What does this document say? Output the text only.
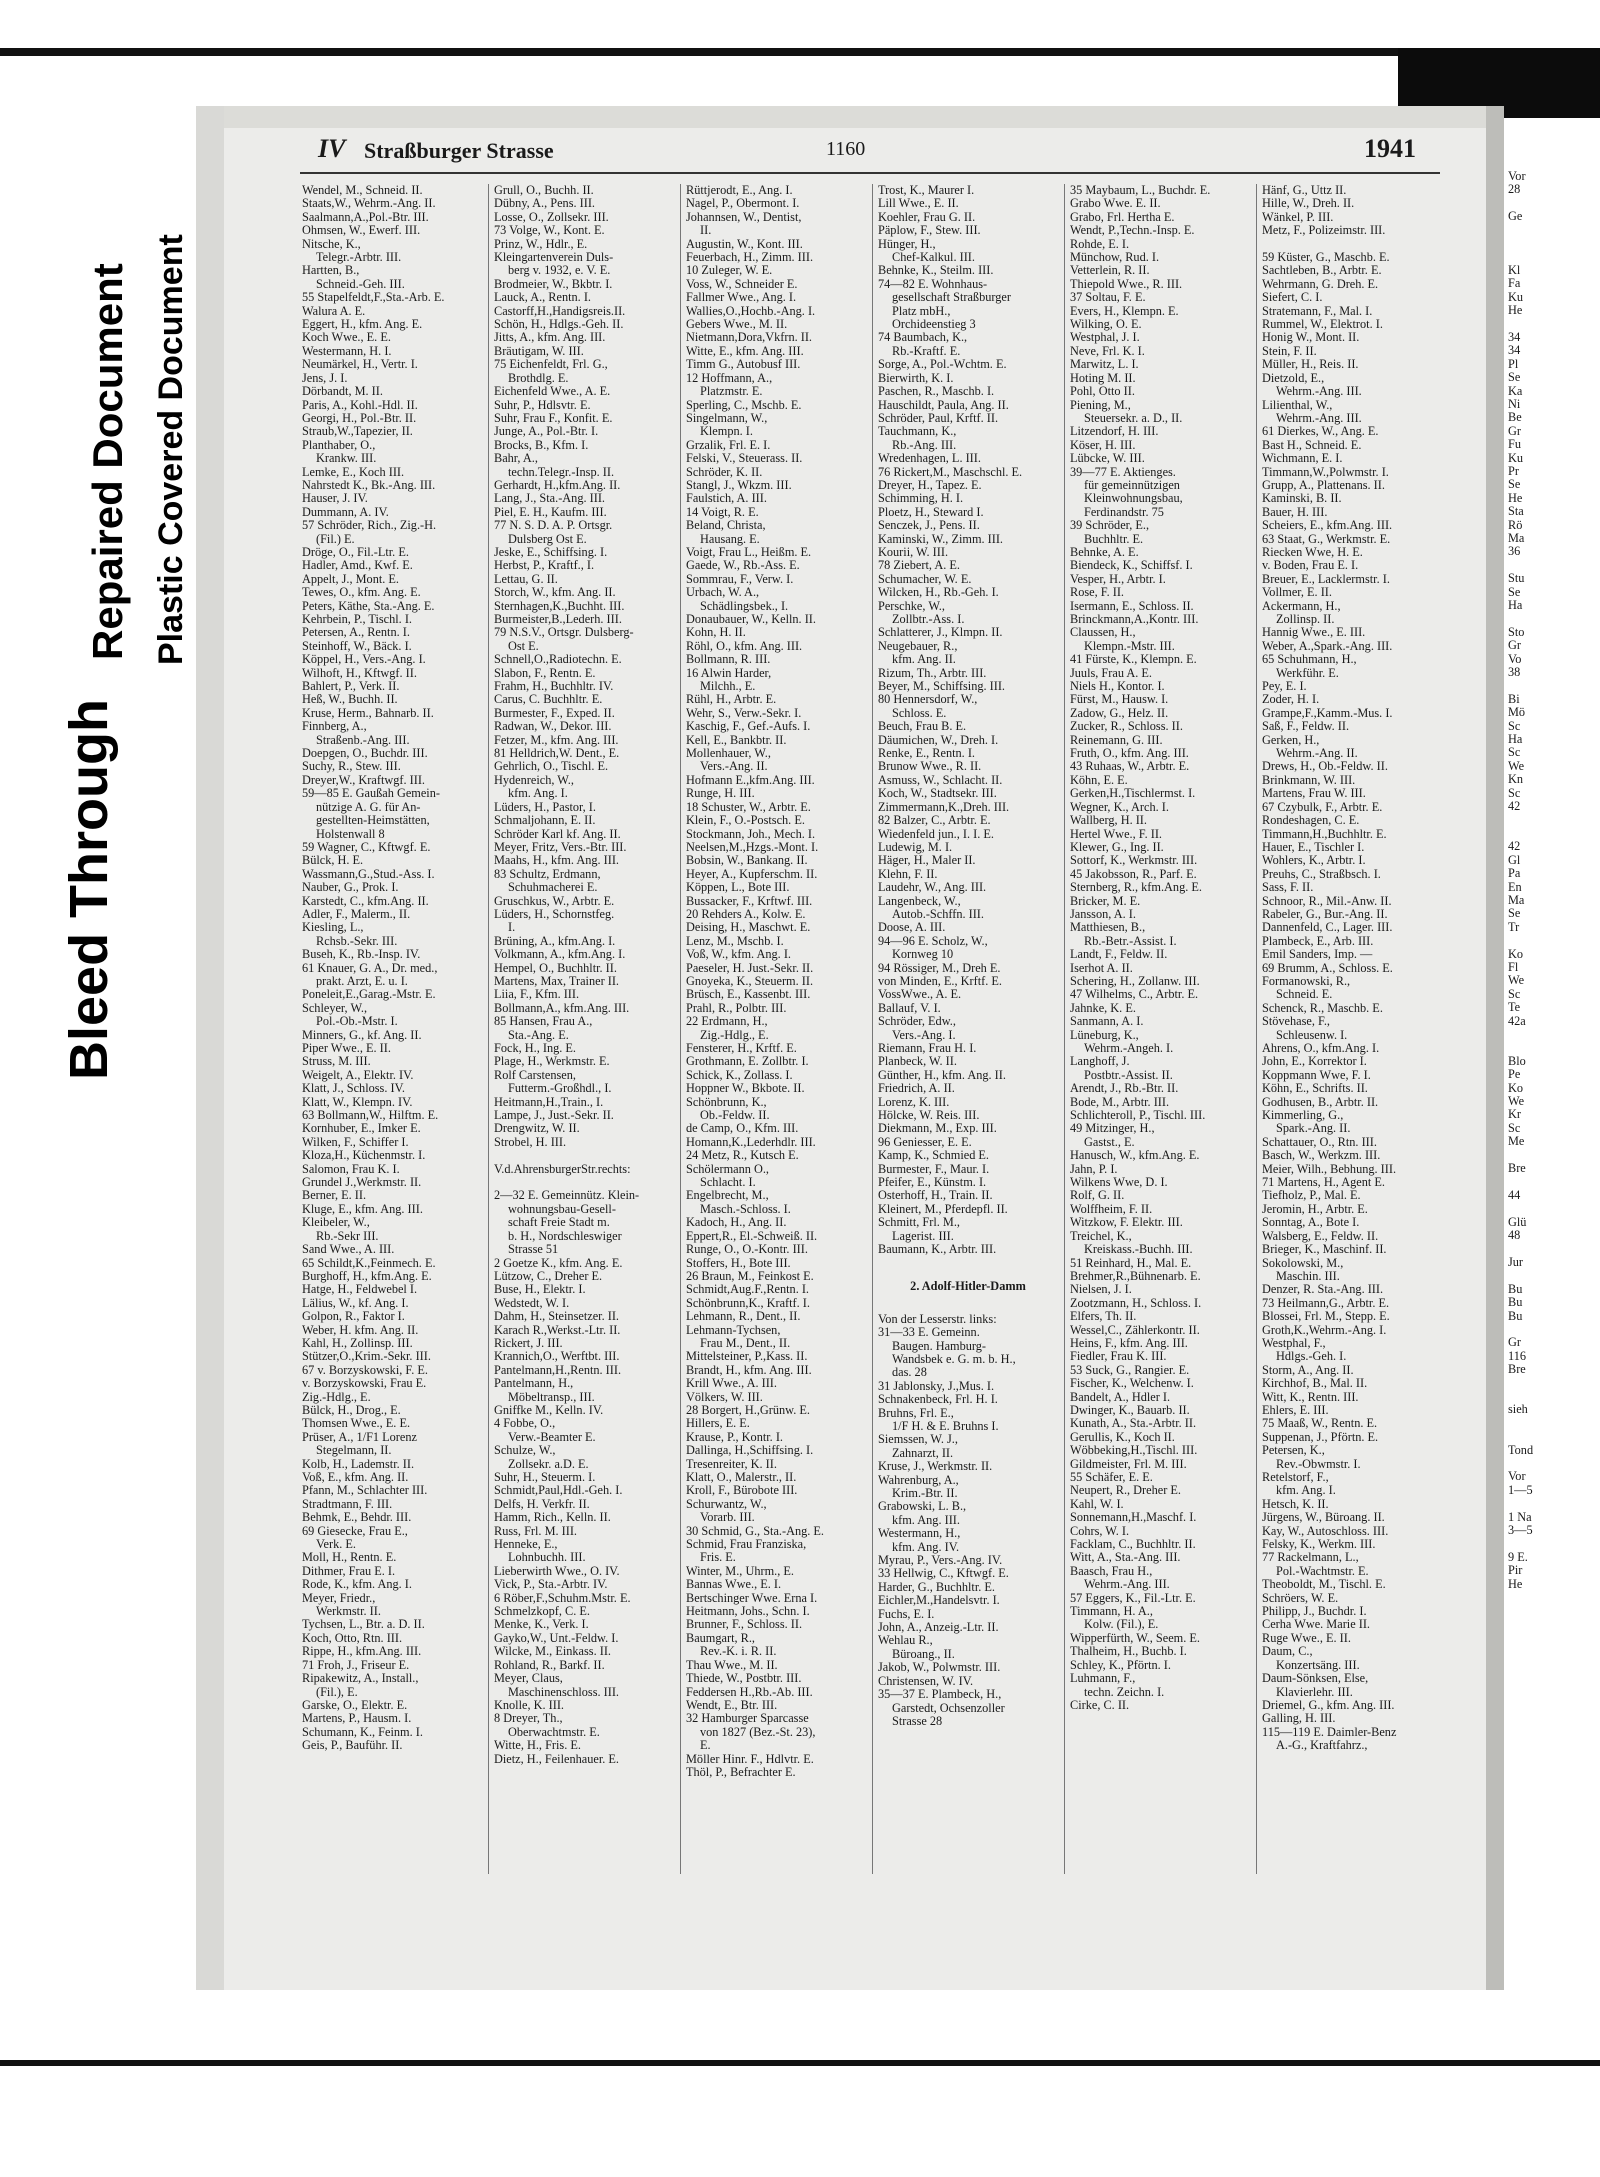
Bleed Through
Repaired Document Plastic Covered Document
IV Straßburger Strasse	1160	1941
Wendel, M., Schneid. II.
Staats,W., Wehrm.-Ang. II.
Saalmann,A.,Pol.-Btr. III.
Ohmsen, W., Ewerf. III.
Nitsche, K.,
Telegr.-Arbtr. III.
Hartten, B.,
Schneid.-Geh. III.
55 Stapelfeldt,F.,Sta.-Arb. E.
Walura A. E.
Eggert, H., kfm. Ang. E.
Koch Wwe., E. E.
Westermann, H. I.
Neumärkel, H., Vertr. I.
Jens, J. I.
Dörbandt, M. II.
Paris, A., Kohl.-Hdl. II.
Georgi, H., Pol.-Btr. II.
Straub,W.,Tapezier, II.
Planthaber, O.,
Krankw. III.
Lemke, E., Koch III.
Nahrstedt K., Bk.-Ang. III.
Hauser, J. IV.
Dummann, A. IV.
57 Schröder, Rich., Zig.-H.
(Fil.) E.
Dröge, O., Fil.-Ltr. E.
Hadler, Amd., Kwf. E.
Appelt, J., Mont. E.
Tewes, O., kfm. Ang. E.
Peters, Käthe, Sta.-Ang. E.
Kehrbein, P., Tischl. I.
Petersen, A., Rentn. I.
Steinhoff, W., Bäck. I.
Köppel, H., Vers.-Ang. I.
Wilhoft, H., Kftwgf. II.
Bahlert, P., Verk. II.
Heß, W., Buchh. II.
Kruse, Herm., Bahnarb. II.
Finnberg, A.,
Straßenb.-Ang. III.
Doepgen, O., Buchdr. III.
Suchy, R., Stew. III.
Dreyer,W., Kraftwgf. III.
59—85 E. Gaußah Gemein-
nützige A. G. für An-
gestellten-Heimstätten,
Holstenwall 8
59 Wagner, C., Kftwgf. E.
Bülck, H. E.
Wassmann,G.,Stud.-Ass. I.
Nauber, G., Prok. I.
Karstedt, C., kfm.Ang. II.
Adler, F., Malerm., II.
Kiesling, L.,
Rchsb.-Sekr. III.
Buseh, K., Rb.-Insp. IV.
61 Knauer, G. A., Dr. med.,
prakt. Arzt, E. u. I.
Poneleit,E.,Garag.-Mstr. E.
Schleyer, W.,
Pol.-Ob.-Mstr. I.
Minners, G., kf. Ang. II.
Piper Wwe., E. II.
Struss, M. III.
Weigelt, A., Elektr. IV.
Klatt, J., Schloss. IV.
Klatt, W., Klempn. IV.
63 Bollmann,W., Hilftm. E.
Kornhuber, E., Imker E.
Wilken, F., Schiffer I.
Kloza,H., Küchenmstr. I.
Salomon, Frau K. I.
Grundel J.,Werkmstr. II.
Berner, E. II.
Kluge, E., kfm. Ang. III.
Kleibeler, W.,
Rb.-Sekr III.
Sand Wwe., A. III.
65 Schildt,K.,Feinmech. E.
Burghoff, H., kfm.Ang. E.
Hatge, H., Feldwebel I.
Lälius, W., kf. Ang. I.
Golpon, R., Faktor I.
Weber, H. kfm. Ang. II.
Kahl, H., Zollinsp. III.
Stützer,O.,Krim.-Sekr. III.
67 v. Borzyskowski, F. E.
v. Borzyskowski, Frau E.
Zig.-Hdlg., E.
Bülck, H., Drog., E.
Thomsen Wwe., E. E.
Prüser, A., 1/F1 Lorenz
Stegelmann, II.
Kolb, H., Lademstr. II.
Voß, E., kfm. Ang. II.
Pfann, M., Schlachter III.
Stradtmann, F. III.
Behmk, E., Behdr. III.
69 Giesecke, Frau E.,
Verk. E.
Moll, H., Rentn. E.
Dithmer, Frau E. I.
Rode, K., kfm. Ang. I.
Meyer, Friedr.,
Werkmstr. II.
Tychsen, L., Btr. a. D. II.
Koch, Otto, Rtn. III.
Rippe, H., kfm.Ang. III.
71 Froh, J., Friseur E.
Ripakewitz, A., Install.,
(Fil.), E.
Garske, O., Elektr. E.
Martens, P., Hausm. I.
Schumann, K., Feinm. I.
Geis, P., Bauführ. II.
Grull, O., Buchh. II.
Dübny, A., Pens. III.
Losse, O., Zollsekr. III.
73 Volge, W., Kont. E.
Prinz, W., Hdlr., E.
Kleingartenverein Duls-
berg v. 1932, e. V. E.
Brodmeier, W., Bkbtr. I.
Lauck, A., Rentn. I.
Castorff,H.,Handigsreis.II.
Schön, H., Hdlgs.-Geh. II.
Jitts, A., kfm. Ang. III.
Bräutigam, W. III.
75 Eichenfeldt, Frl. G.,
Brothdlg. E.
Eichenfeld Wwe., A. E.
Suhr, P., Hdlsvtr. E.
Suhr, Frau F., Konfit. E.
Junge, A., Pol.-Btr. I.
Brocks, B., Kfm. I.
Bahr, A.,
techn.Telegr.-Insp. II.
Gerhardt, H.,kfm.Ang. II.
Lang, J., Sta.-Ang. III.
Piel, E. H., Kaufm. III.
77 N. S. D. A. P. Ortsgr.
Dulsberg Ost E.
Jeske, E., Schiffsing. I.
Herbst, P., Kraftf., I.
Lettau, G. II.
Storch, W., kfm. Ang. II.
Sternhagen,K.,Buchht. III.
Burmeister,B.,Lederh. III.
79 N.S.V., Ortsgr. Dulsberg-
Ost E.
Schnell,O.,Radiotechn. E.
Slabon, F., Rentn. E.
Frahm, H., Buchhltr. IV.
Carus, C. Buchhltr. E.
Burmester, F., Exped. II.
Radwan, W., Dekor. III.
Fetzer, M., kfm. Ang. III.
81 Helldrich,W. Dent., E.
Gehrlich, O., Tischl. E.
Hydenreich, W.,
kfm. Ang. I.
Lüders, H., Pastor, I.
Schmaljohann, E. II.
Schröder Karl kf. Ang. II.
Meyer, Fritz, Vers.-Btr. III.
Maahs, H., kfm. Ang. III.
83 Schultz, Erdmann,
Schuhmacherei E.
Gruschkus, W., Arbtr. E.
Lüders, H., Schornstfeg.
I.
Brüning, A., kfm.Ang. I.
Volkmann, A., kfm.Ang. I.
Hempel, O., Buchhltr. II.
Martens, Max, Trainer II.
Liia, F., Kfm. III.
Bollmann,A., kfm.Ang. III.
85 Hansen, Frau A.,
Sta.-Ang. E.
Fock, H., Ing. E.
Plage, H., Werkmstr. E.
Rolf Carstensen,
Futterm.-Großhdl., I.
Heitmann,H.,Train., I.
Lampe, J., Just.-Sekr. II.
Drengwitz, W. II.
Strobel, H. III.

V.d.AhrensburgerStr.rechts:

2—32 E. Gemeinnütz. Klein-
wohnungsbau-Gesell-
schaft Freie Stadt m.
b. H., Nordschleswiger
Strasse 51
2 Goetze K., kfm. Ang. E.
Lützow, C., Dreher E.
Buse, H., Elektr. I.
Wedstedt, W. I.
Dahm, H., Steinsetzer. II.
Karach R.,Werkst.-Ltr. II.
Rickert, J. III.
Krannich,O., Werftbt. III.
Pantelmann,H.,Rentn. III.
Pantelmann, H.,
Möbeltransp., III.
Gniffke M., Kelln. IV.
4 Fobbe, O.,
Verw.-Beamter E.
Schulze, W.,
Zollsekr. a.D. E.
Suhr, H., Steuerm. I.
Schmidt,Paul,Hdl.-Geh. I.
Delfs, H. Verkfr. II.
Hamm, Rich., Kelln. II.
Russ, Frl. M. III.
Henneke, E.,
Lohnbuchh. III.
Lieberwirth Wwe., O. IV.
Vick, P., Sta.-Arbtr. IV.
6 Röber,F.,Schuhm.Mstr. E.
Schmelzkopf, C. E.
Menke, K., Verk. I.
Gayko,W., Unt.-Feldw. I.
Wilcke, M., Einkass. II.
Rohland, R., Barkf. II.
Meyer, Claus,
Maschinenschloss. III.
Knolle, K. III.
8 Dreyer, Th.,
Oberwachtmstr. E.
Witte, H., Fris. E.
Dietz, H., Feilenhauer. E.
Rüttjerodt, E., Ang. I.
Nagel, P., Obermont. I.
Johannsen, W., Dentist,
II.
Augustin, W., Kont. III.
Feuerbach, H., Zimm. III.
10 Zuleger, W. E.
Voss, W., Schneider E.
Fallmer Wwe., Ang. I.
Wallies,O.,Hochb.-Ang. I.
Gebers Wwe., M. II.
Nietmann,Dora,Vkfrn. II.
Witte, E., kfm. Ang. III.
Timm G., Autobusf III.
12 Hoffmann, A.,
Platzmstr. E.
Sperling, C., Mschb. E.
Singelmann, W.,
Klempn. I.
Grzalik, Frl. E. I.
Felski, V., Steuerass. II.
Schröder, K. II.
Stangl, J., Wkzm. III.
Faulstich, A. III.
14 Voigt, R. E.
Beland, Christa,
Hausang. E.
Voigt, Frau L., Heißm. E.
Gaede, W., Rb.-Ass. E.
Sommrau, F., Verw. I.
Urbach, W. A.,
Schädlingsbek., I.
Donaubauer, W., Kelln. II.
Kohn, H. II.
Röhl, O., kfm. Ang. III.
Bollmann, R. III.
16 Alwin Harder,
Milchh., E.
Rühl, H., Arbtr. E.
Wehr, S., Verw.-Sekr. I.
Kaschig, F., Gef.-Aufs. I.
Kell, E., Bankbtr. II.
Mollenhauer, W.,
Vers.-Ang. II.
Hofmann E.,kfm.Ang. III.
Runge, H. III.
18 Schuster, W., Arbtr. E.
Klein, F., O.-Postsch. E.
Stockmann, Joh., Mech. I.
Neelsen,M.,Hzgs.-Mont. I.
Bobsin, W., Bankang. II.
Heyer, A., Kupferschm. II.
Köppen, L., Bote III.
Bussacker, F., Krftwf. III.
20 Rehders A., Kolw. E.
Deising, H., Maschwt. E.
Lenz, M., Mschb. I.
Voß, W., kfm. Ang. I.
Paeseler, H. Just.-Sekr. II.
Gnoyeka, K., Steuerm. II.
Brüsch, E., Kassenbt. III.
Prahl, R., Polbtr. III.
22 Erdmann, H.,
Zig.-Hdlg., E.
Fensterer, H., Krftf. E.
Grothmann, E. Zollbtr. I.
Schick, K., Zollass. I.
Hoppner W., Bkbote. II.
Schönbrunn, K.,
Ob.-Feldw. II.
de Camp, O., Kfm. III.
Homann,K.,Lederhdlr. III.
24 Metz, R., Kutsch E.
Schölermann O.,
Schlacht. I.
Engelbrecht, M.,
Masch.-Schloss. I.
Kadoch, H., Ang. II.
Eppert,R., El.-Schweiß. II.
Runge, O., O.-Kontr. III.
Stoffers, H., Bote III.
26 Braun, M., Feinkost E.
Schmidt,Aug.F.,Rentn. I.
Schönbrunn,K., Kraftf. I.
Lehmann, R., Dent., II.
Lehmann-Tychsen,
Frau M., Dent., II.
Mittelsteiner, P.,Kass. II.
Brandt, H., kfm. Ang. III.
Krill Wwe., A. III.
Völkers, W. III.
28 Borgert, H.,Grünw. E.
Hillers, E. E.
Krause, P., Kontr. I.
Dallinga, H.,Schiffsing. I.
Tresenreiter, K. II.
Klatt, O., Malerstr., II.
Kroll, F., Bürobote III.
Schurwantz, W.,
Vorarb. III.
30 Schmid, G., Sta.-Ang. E.
Schmid, Frau Franziska,
Fris. E.
Winter, M., Uhrm., E.
Bannas Wwe., E. I.
Bertschinger Wwe. Erna I.
Heitmann, Johs., Schn. I.
Brunner, F., Schloss. II.
Baumgart, R.,
Rev.-K. i. R. II.
Thau Wwe., M. II.
Thiede, W., Postbtr. III.
Feddersen H.,Rb.-Ab. III.
Wendt, E., Btr. III.
32 Hamburger Sparcasse
von 1827 (Bez.-St. 23),
E.
Möller Hinr. F., Hdlvtr. E.
Thöl, P., Befrachter E.
Trost, K., Maurer I.
Lill Wwe., E. II.
Koehler, Frau G. II.
Päplow, F., Stew. III.
Hünger, H.,
Chef-Kalkul. III.
Behnke, K., Steilm. III.
74—82 E. Wohnhaus-
gesellschaft Straßburger
Platz mbH.,
Orchideenstieg 3
74 Baumbach, K.,
Rb.-Kraftf. E.
Sorge, A., Pol.-Wchtm. E.
Bierwirth, K. I.
Paschen, R., Maschb. I.
Hauschildt, Paula, Ang. II.
Schröder, Paul, Krftf. II.
Tauchmann, K.,
Rb.-Ang. III.
Wredenhagen, L. III.
76 Rickert,M., Maschschl. E.
Dreyer, H., Tapez. E.
Schimming, H. I.
Ploetz, H., Steward I.
Senczek, J., Pens. II.
Kaminski, W., Zimm. III.
Kourii, W. III.
78 Ziebert, A. E.
Schumacher, W. E.
Wilcken, H., Rb.-Geh. I.
Perschke, W.,
Zollbtr.-Ass. I.
Schlatterer, J., Klmpn. II.
Neugebauer, R.,
kfm. Ang. II.
Rizum, Th., Arbtr. III.
Beyer, M., Schiffsing. III.
80 Hennersdorf, W.,
Schloss. E.
Beuch, Frau B. E.
Däumichen, W., Dreh. I.
Renke, E., Rentn. I.
Brunow Wwe., R. II.
Asmuss, W., Schlacht. II.
Koch, W., Stadtsekr. III.
Zimmermann,K.,Dreh. III.
82 Balzer, C., Arbtr. E.
Wiedenfeld jun., I. I. E.
Ludewig, M. I.
Häger, H., Maler II.
Klehn, F. II.
Laudehr, W., Ang. III.
Langenbeck, W.,
Autob.-Schffn. III.
Doose, A. III.
94—96 E. Scholz, W.,
Kornweg 10
94 Rössiger, M., Dreh E.
von Minden, E., Krftf. E.
VossWwe., A. E.
Ballauf, V. I.
Schröder, Edw.,
Vers.-Ang. I.
Riemann, Frau H. I.
Planbeck, W. II.
Günther, H., kfm. Ang. II.
Friedrich, A. II.
Lorenz, K. III.
Hölcke, W. Reis. III.
Diekmann, M., Exp. III.
96 Geniesser, E. E.
Kamp, K., Schmied E.
Burmester, F., Maur. I.
Pfeifer, E., Künstm. I.
Osterhoff, H., Train. II.
Kleinert, M., Pferdepfl. II.
Schmitt, Frl. M.,
Lagerist. III.
Baumann, K., Arbtr. III.

2. Adolf-Hitler-Damm

Von der Lesserstr. links:
31—33 E. Gemeinn.
Baugen. Hamburg-
Wandsbek e. G. m. b. H.,
das. 28
31 Jablonsky, J.,Mus. I.
Schnakenbeck, Frl. H. I.
Bruhns, Frl. E.,
1/F H. & E. Bruhns I.
Siemssen, W. J.,
Zahnarzt, II.
Kruse, J., Werkmstr. II.
Wahrenburg, A.,
Krim.-Btr. II.
Grabowski, L. B.,
kfm. Ang. III.
Westermann, H.,
kfm. Ang. IV.
Myrau, P., Vers.-Ang. IV.
33 Hellwig, C., Kftwgf. E.
Harder, G., Buchhltr. E.
Eichler,M.,Handelsvtr. I.
Fuchs, E. I.
John, A., Anzeig.-Ltr. II.
Wehlau R.,
Büroang., II.
Jakob, W., Polwmstr. III.
Christensen, W. IV.
35—37 E. Plambeck, H.,
Garstedt, Ochsenzoller
Strasse 28
35 Maybaum, L., Buchdr. E.
Grabo Wwe. E. II.
Grabo, Frl. Hertha E.
Wendt, P.,Techn.-Insp. E.
Rohde, E. I.
Münchow, Rud. I.
Vetterlein, R. II.
Thiepold Wwe., R. III.
37 Soltau, F. E.
Evers, H., Klempn. E.
Wilking, O. E.
Westphal, J. I.
Neve, Frl. K. I.
Marwitz, L. I.
Hoting M. II.
Pohl, Otto II.
Piening, M.,
Steuersekr. a. D., II.
Litzendorf, H. III.
Köser, H. III.
Lübcke, W. III.
39—77 E. Aktienges.
für gemeinnützigen
Kleinwohnungsbau,
Ferdinandstr. 75
39 Schröder, E.,
Buchhltr. E.
Behnke, A. E.
Biendeck, K., Schiffsf. I.
Vesper, H., Arbtr. I.
Rose, F. II.
Isermann, E., Schloss. II.
Brinckmann,A.,Kontr. III.
Claussen, H.,
Klempn.-Mstr. III.
41 Fürste, K., Klempn. E.
Juuls, Frau A. E.
Niels H., Kontor. I.
Fürst, M., Hausw. I.
Zadow, G., Helz. II.
Zucker, R., Schloss. II.
Reinemann, G. III.
Fruth, O., kfm. Ang. III.
43 Ruhaas, W., Arbtr. E.
Köhn, E. E.
Gerken,H.,Tischlermst. I.
Wegner, K., Arch. I.
Wallberg, H. II.
Hertel Wwe., F. II.
Klewer, G., Ing. II.
Sottorf, K., Werkmstr. III.
45 Jakobsson, R., Parf. E.
Sternberg, R., kfm.Ang. E.
Bricker, M. E.
Jansson, A. I.
Matthiesen, B.,
Rb.-Betr.-Assist. I.
Landt, F., Feldw. II.
Iserhot A. II.
Schering, H., Zollanw. III.
47 Wilhelms, C., Arbtr. E.
Jahnke, K. E.
Sanmann, A. I.
Lüneburg, K.,
Wehrm.-Angeh. I.
Langhoff, J.
Postbtr.-Assist. II.
Arendt, J., Rb.-Btr. II.
Bode, M., Arbtr. III.
Schlichteroll, P., Tischl. III.
49 Mitzinger, H.,
Gastst., E.
Hanusch, W., kfm.Ang. E.
Jahn, P. I.
Wilkens Wwe, D. I.
Rolf, G. II.
Wolffheim, F. II.
Witzkow, F. Elektr. III.
Treichel, K.,
Kreiskass.-Buchh. III.
51 Reinhard, H., Mal. E.
Brehmer,R.,Bühnenarb. E.
Nielsen, J. I.
Zootzmann, H., Schloss. I.
Elfers, Th. II.
Wessel,C., Zählerkontr. II.
Heins, F., kfm. Ang. III.
Fiedler, Frau K. III.
53 Suck, G., Rangier. E.
Fischer, K., Welchenw. I.
Bandelt, A., Hdler I.
Dwinger, K., Bauarb. II.
Kunath, A., Sta.-Arbtr. II.
Gerullis, K., Koch II.
Wöbbeking,H.,Tischl. III.
Gildmeister, Frl. M. III.
55 Schäfer, E. E.
Neupert, R., Dreher E.
Kahl, W. I.
Sonnemann,H.,Maschf. I.
Cohrs, W. I.
Facklam, C., Buchhltr. II.
Witt, A., Sta.-Ang. III.
Baasch, Frau H.,
Wehrm.-Ang. III.
57 Eggers, K., Fil.-Ltr. E.
Timmann, H. A.,
Kolw. (Fil.), E.
Wipperfürth, W., Seem. E.
Thalheim, H., Buchb. I.
Schley, K., Pförtn. I.
Luhmann, F.,
techn. Zeichn. I.
Cirke, C. II.
Hänf, G., Uttz II.
Hille, W., Dreh. II.
Wänkel, P. III.
Metz, F., Polizeimstr. III.

59 Küster, G., Maschb. E.
Sachtleben, B., Arbtr. E.
Wehrmann, G. Dreh. E.
Siefert, C. I.
Stratemann, F., Mal. I.
Rummel, W., Elektrot. I.
Honig W., Mont. II.
Stein, F. II.
Müller, H., Reis. II.
Dietzold, E.,
Wehrm.-Ang. III.
Lilienthal, W.,
Wehrm.-Ang. III.
61 Dierkes, W., Ang. E.
Bast H., Schneid. E.
Wichmann, E. I.
Timmann,W.,Polwmstr. I.
Grupp, A., Plattenans. II.
Kaminski, B. II.
Bauer, H. III.
Scheiers, E., kfm.Ang. III.
63 Staat, G., Werkmstr. E.
Riecken Wwe, H. E.
v. Boden, Frau E. I.
Breuer, E., Lacklermstr. I.
Vollmer, E. II.
Ackermann, H.,
Zollinsp. II.
Hannig Wwe., E. III.
Weber, A.,Spark.-Ang. III.
65 Schuhmann, H.,
Werkführ. E.
Pey, E. I.
Zoder, H. I.
Grampe,F.,Kamm.-Mus. I.
Saß, F., Feldw. II.
Gerken, H.,
Wehrm.-Ang. II.
Drews, H., Ob.-Feldw. II.
Brinkmann, W. III.
Martens, Frau W. III.
67 Czybulk, F., Arbtr. E.
Rondeshagen, C. E.
Timmann,H.,Buchhltr. E.
Hauer, E., Tischler I.
Wohlers, K., Arbtr. I.
Preuhs, C., Straßbsch. I.
Sass, F. II.
Schnoor, R., Mil.-Anw. II.
Rabeler, G., Bur.-Ang. II.
Dannenfeld, C., Lager. III.
Plambeck, E., Arb. III.
Emil Sanders, Imp. —
69 Brumm, A., Schloss. E.
Formanowski, R.,
Schneid. E.
Schenck, R., Maschb. E.
Stövehase, F.,
Schleusenw. I.
Ahrens, O., kfm.Ang. I.
John, E., Korrektor I.
Koppmann Wwe, F. I.
Köhn, E., Schrifts. II.
Godhusen, B., Arbtr. II.
Kimmerling, G.,
Spark.-Ang. II.
Schattauer, O., Rtn. III.
Basch, W., Werkzm. III.
Meier, Wilh., Bebhung. III.
71 Martens, H., Agent E.
Tiefholz, P., Mal. E.
Jeromin, H., Arbtr. E.
Sonntag, A., Bote I.
Walsberg, E., Feldw. II.
Brieger, K., Maschinf. II.
Sokolowski, M.,
Maschin. III.
Denzer, R. Sta.-Ang. III.
73 Heilmann,G., Arbtr. E.
Blossei, Frl. M., Stepp. E.
Groth,K.,Wehrm.-Ang. I.
Westphal, F.,
Hdlgs.-Geh. I.
Storm, A., Ang. II.
Kirchhof, B., Mal. II.
Witt, K., Rentn. III.
Ehlers, E. III.
75 Maaß, W., Rentn. E.
Suppenan, J., Pförtn. E.
Petersen, K.,
Rev.-Obwmstr. I.
Retelstorf, F.,
kfm. Ang. I.
Hetsch, K. II.
Jürgens, W., Büroang. II.
Kay, W., Autoschloss. III.
Felsky, K., Werkm. III.
77 Rackelmann, L.,
Pol.-Wachtmstr. E.
Theoboldt, M., Tischl. E.
Schröers, W. E.
Philipp, J., Buchdr. I.
Cerha Wwe. Marie II.
Ruge Wwe., E. II.
Daum, C.,
Konzertsäng. III.
Daum-Sönksen, Else,
Klavierlehr. III.
Driemel, G., kfm. Ang. III.
Galling, H. III.
115—119 E. Daimler-Benz
A.-G., Kraftfahrz.,
Vor
28

Ge

Kl
Fa
Ku
He

34
34
Pl
Se
Ka
Ni
Be
Gr
Fu
Ku
Pr
Se
He
Sta
Rö
Ma
36

Stu
Se
Ha

Sto
Gr
Vo
38

Bi
Mö
Sc
Ha
Sc
We
Kn
Sc
42

42
Gl
Pa
En
Ma
Se
Tr

Ko
Fl
We
Sc
Te
42a

Blo
Pe
Ko
We
Kr
Sc
Me

Bre

44

Glü
48

Jur

Bu
Bu
Bu

Gr
116
Bre

sieh

Tond

Vor
1—5

1 Na
3—5

9 E.
Pir
He
